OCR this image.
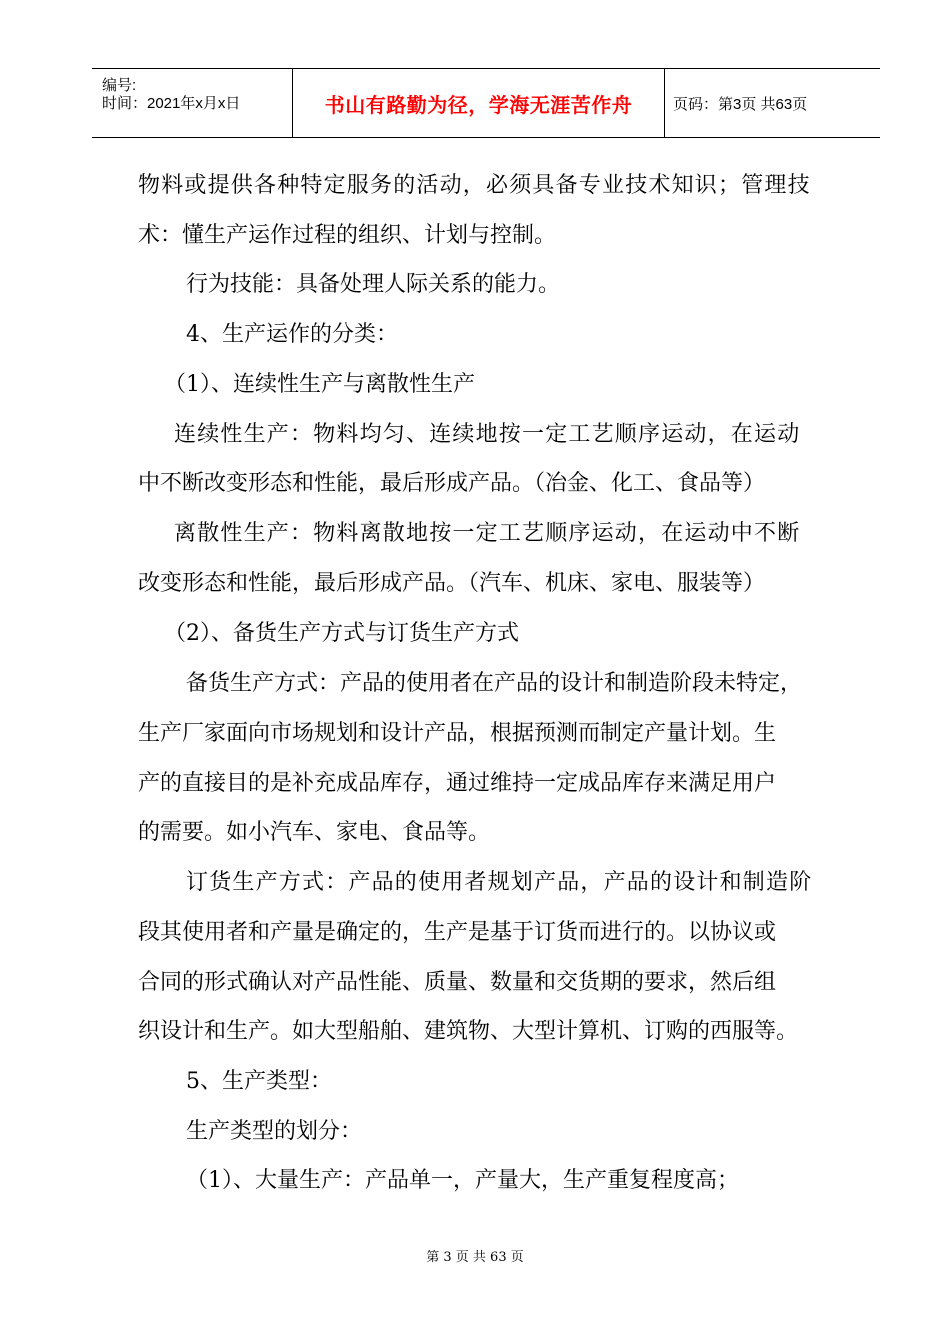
编号:
时间：2021年x月x日	书山有路勤为径，学海无涯苦作舟	页码：第3页 共63页
物料或提供各种特定服务的活动，必须具备专业技术知识；管理技
术：懂生产运作过程的组织、计划与控制。
行为技能：具备处理人际关系的能力。
4、生产运作的分类：
（1）、连续性生产与离散性生产
连续性生产：物料均匀、连续地按一定工艺顺序运动，在运动
中不断改变形态和性能，最后形成产品。（冶金、化工、食品等）
离散性生产：物料离散地按一定工艺顺序运动，在运动中不断
改变形态和性能，最后形成产品。（汽车、机床、家电、服装等）
（2）、备货生产方式与订货生产方式
备货生产方式：产品的使用者在产品的设计和制造阶段未特定，
生产厂家面向市场规划和设计产品，根据预测而制定产量计划。生
产的直接目的是补充成品库存，通过维持一定成品库存来满足用户
的需要。如小汽车、家电、食品等。
订货生产方式：产品的使用者规划产品，产品的设计和制造阶
段其使用者和产量是确定的，生产是基于订货而进行的。以协议或
合同的形式确认对产品性能、质量、数量和交货期的要求，然后组
织设计和生产。如大型船舶、建筑物、大型计算机、订购的西服等。
5、生产类型：
生产类型的划分：
（1）、大量生产：产品单一，产量大，生产重复程度高；
第 3 页 共 63 页
